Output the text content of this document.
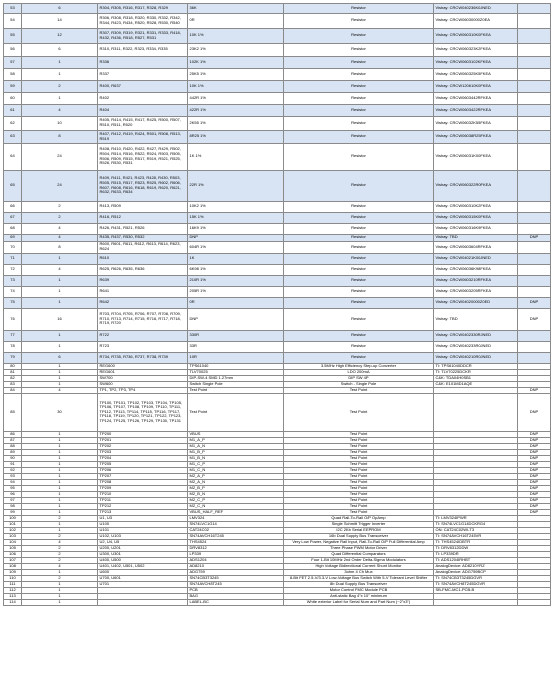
53	6	R304, R305, R316, R317, R328, R329	36K	Resistor	Vishay: CRCW040236K0JNED	
54	14	R306, R308, R318, R320, R330, R332, R342, R344, R423, R434, R520, R528, R530, R540	0R	Resistor	Vishay: CRCW06030000Z0EA	
55	12	R307, R309, R319, R321, R331, R333, R418, R432, R436, R518, R527, R531	10K 1%	Resistor	Vishay: CRCW060310K0FKEA	
56	6	R310, R311, R322, R323, R334, R335	23K2 1%	Resistor	Vishay: CRCW060323K2FKEA	
57	1	R336	102K 1%	Resistor	Vishay: CRCW0603102KFKEA	
58	1	R337	25K5 1%	Resistor	Vishay: CRCW060325K5FKEA	
59	2	R400, R637	10K 1%	Resistor	Vishay: CRCW120610K0FKEA	
60	1	R402	442R 1%	Resistor	Vishay: CRCW0603442RFKEA	
61	4	R404	422R 1%	Resistor	Vishay: CRCW0603422RFKEA	
62	10	R405, R414, R415, R417, R425, R500, R507, R510, R511, R520	2K55 1%	Resistor	Vishay: CRCW06032K55FKEA	
63	8	R407, R412, R419, R424, R501, R508, R513, R519	8R25 1%	Resistor	Vishay: CRCW06038R25FKEA	
64	24	R408, R410, R420, R422, R427, R429, R502, R504, R514, R516, R522, R524, R503, R505, R506, R509, R515, R517, R519, R521, R525, R526, R530, R531	1K 1%	Resistor	Vishay: CRCW06031K00FKEA	
65	24	R409, R411, R421, R423, R428, R430, R503, R505, R515, R517, R523, R525, R602, R606, R607, R608, R616, R618, R619, R620, R621, R632, R633, R634	22R 1%	Resistor	Vishay: CRCW060322R0FKEA	
66	2	R413, R509	10K2 1%	Resistor	Vishay: CRCW060310K2FKEA	
67	2	R416, R512	15K 1%	Resistor	Vishay: CRCW060315K0FKEA	
68	4	R426, R431, R521, R526	16K9 1%	Resistor	Vishay: CRCW060316K9FKEA	
69	4	R435, R437, R530, R532	DNP	Resistor	Vishay: TBD	DNP
70	8	R600, R601, R611, R612, R613, R614, R623, R624	604R 1%	Resistor	Vishay: CRCW0603604RFKEA	
71	1	R610	1K	Resistor	Vishay: CRCW04021K00JNED	
72	4	R625, R626, R635, R636	6K98 1%	Resistor	Vishay: CRCW06036K98FKEA	
73	1	R639	210R 1%	Resistor	Vishay: CRCW0603210RFKEA	
74	1	R641	205R 1%	Resistor	Vishay: CRCW0603205RFKEA	
75	1	R642	0R	Resistor	Vishay: CRCW04020000Z0ED	DNP
76	16	R703, R704, R705, R706, R707, R708, R709, R710, R713, R714, R715, R716, R717, R718, R719, R720	DNP	Resistor	Vishay: TBD	DNP
77	1	R722	330R	Resistor	Vishay: CRCW0402330RJNED	
78	1	R723	33R	Resistor	Vishay: CRCW040233R0JNED	
79	6	R734, R735, R736, R737, R738, R739	10R	Resistor	Vishay: CRCW040210R0JNED	
80	1	REG600	TPS61040	3.5MHz High Efficiency Step-up Converter	TI: TPS61040DDCR	
81	1	REG601	TLV70025	LDO 200mA	TI: TLV70225DCKR	
82	1	SW700	DIP-SW-4 SMD 1.27mm	DIP SW 4P	C&K: TDA04H0SB1	
83	1	SW600	Switch Single Pole	Switch - Single Pole	C&K: E101MD1AQE	
84	4	TP1, TP2, TP3, TP4	Test Point	Test Point		DNP
85	30	TP100, TP101, TP102, TP103, TP104, TP105, TP106, TP107, TP108, TP109, TP110, TP111, TP112, TP113, TP114, TP115, TP116, TP117, TP118, TP119, TP120, TP121, TP122, TP123, TP124, TP125, TP126, TP129, TP130, TP131	Test Point	Test Point		DNP
86	1	TP200	VBUS	Test Point		DNP
87	1	TP201	M1_A_P	Test Point		DNP
88	1	TP202	M1_A_N	Test Point		DNP
89	1	TP203	M1_B_P	Test Point		DNP
90	1	TP204	M1_B_N	Test Point		DNP
91	1	TP205	M1_C_P	Test Point		DNP
92	1	TP206	M1_C_N	Test Point		DNP
93	1	TP207	M2_A_P	Test Point		DNP
94	1	TP208	M2_A_N	Test Point		DNP
95	1	TP209	M2_B_P	Test Point		DNP
96	1	TP210	M2_B_N	Test Point		DNP
97	1	TP211	M2_C_P	Test Point		DNP
98	1	TP212	M2_C_N	Test Point		DNP
99	1	TP213	VBUS_HALF_REF	Test Point		DNP
100	2	U1, U3	LMV324	Quad Rail-To-Rail O/P OpAmp	TI: LMV324IPWR	
101	1	U100	SN74LVC1G14	Single Schmitt Trigger Inverter	TI: SN74LVC1G14DCKRG4	
102	1	U101	CAT24C02	I2C 2Kb Serial EEPROM	ON: CAT24C02WI-T3	
103	2	U102, U103	SN74AVCH16T245	16b Dual Supply Bus Transceiver	TI: SN74AVCH16T245VR	
104	4	U2, U4, U5	THS4524	Very Low Power, Negative Rail Input, Rail-To-Rail O/P Full Differential Amp	TI: THS4524IDBTR	
105	2	U200, U201	DRV8312	Three Phase PWM Motor Driver	TI: DRV8312DDW	
106	2	U300, U301	LP339	Quad Differential Comparators	TI: LP339DR	
107	2	U400, U500	ADS1204	Four 1-Bit 10MHz 2nd Order Delta-Sigma Modulators	TI: ADS1204IRHBT	
108	4	U401, U402, U501, U502	AD8210	High Voltage Bidirectional Current Shunt Monitor	AnalogDevice: AD8210YRZ	
109	1	U600	ADG759	3ohm 4 Ch Mux	AnalogDevice: ADG759BCP	
110	2	U700, U601	SN74CB3T3245	8-Bit FET 2.5-V/3.3-V Low-Voltage Bus Switch With 5-V Tolerant Level Shifter	TI: SN74CB3T3245DGVR	
111	1	U701	SN74AVCH8T245	8b Dual Supply Bus Transceiver	TI: SN74AVCH8T245DGVR	
112	1		PCB	Motor Control FMC Module PCB	SB-FMC-MC1-PCB-B	
113	1		BAG	Anti-static Bag 4"x 10" minimum		
114	1		LABEL-BC	White exterior Label for Serial Num and Part Num (~2"x3")		
